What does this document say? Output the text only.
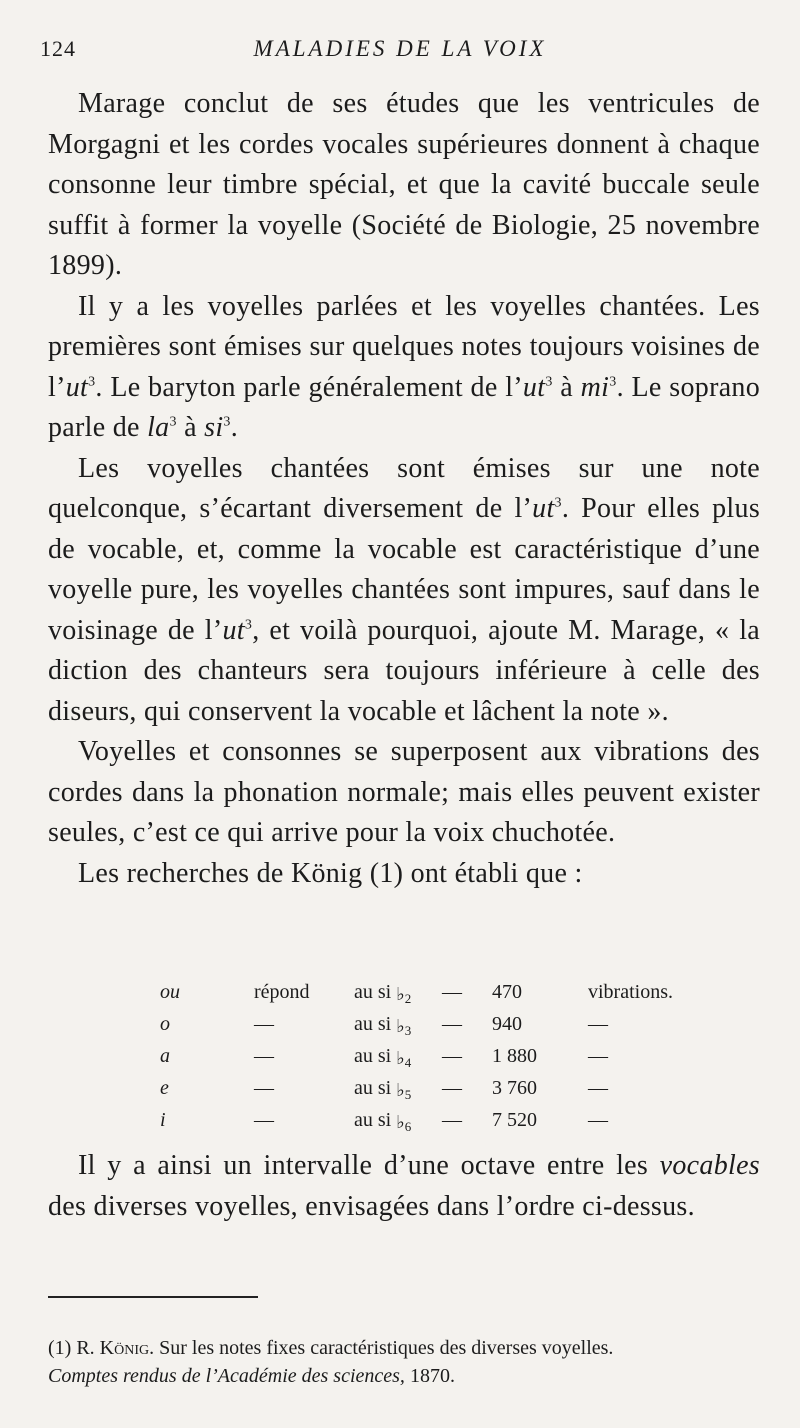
124	MALADIES DE LA VOIX

Marage conclut de ses études que les ventricules de Morgagni et les cordes vocales supérieures donnent à chaque consonne leur timbre spécial, et que la cavité buccale seule suffit à former la voyelle (Société de Biologie, 25 novembre 1899).

Il y a les voyelles parlées et les voyelles chantées. Les premières sont émises sur quelques notes toujours voisines de $l’ut^3$. Le baryton parle généralement de $l’ut^3$ à $mi^3$. Le soprano parle de $la^3$ à $si^3$.

Les voyelles chantées sont émises sur une note quelconque, s’écartant diversement de $l’ut^3$. Pour elles plus de vocable, et, comme la vocable est caractéristique d’une voyelle pure, les voyelles chantées sont impures, sauf dans le voisinage de $l’ut^3$, et voilà pourquoi, ajoute M. Marage, « la diction des chanteurs sera toujours inférieure à celle des diseurs, qui conservent la vocable et lâchent la note ».

Voyelles et consonnes se superposent aux vibrations des cordes dans la phonation normale; mais elles peuvent exister seules, c’est ce qui arrive pour la voix chuchotée.

Les recherches de König (1) ont établi que :

ou	répond	au si $♭_2$	—	470	vibrations.
o	—	au si $♭_3$	—	940	—
a	—	au si $♭_4$	—	1 880	—
e	—	au si $♭_5$	—	3 760	—
i	—	au si $♭_6$	—	7 520	—

Il y a ainsi un intervalle d’une octave entre les vocables des diverses voyelles, envisagées dans l’ordre ci-dessus.

(1) R. König. Sur les notes fixes caractéristiques des diverses voyelles.

Comptes rendus de l’Académie des sciences, 1870.
